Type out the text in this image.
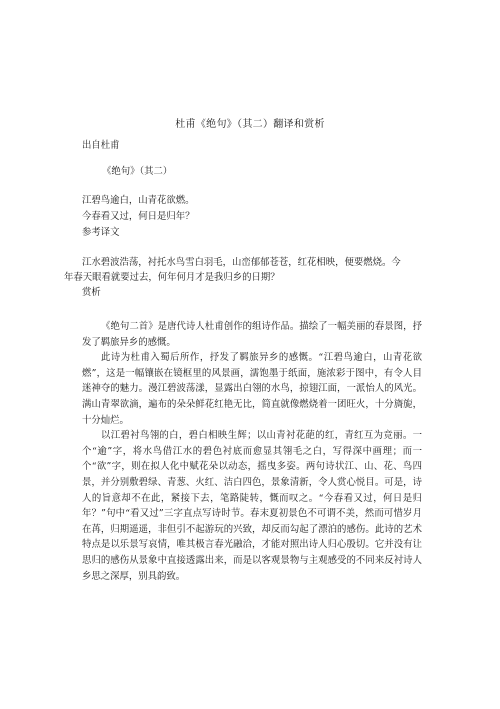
杜甫《绝句》（其二）翻译和赏析
出自杜甫
《绝句》（其二）
江碧鸟逾白，山青花欲燃。
今春看又过，何日是归年？
参考译文
江水碧波浩荡，衬托水鸟雪白羽毛，山峦郁郁苍苍，红花相映，便要燃烧。今
年春天眼看就要过去，何年何月才是我归乡的日期？
赏析

《绝句二首》是唐代诗人杜甫创作的组诗作品。描绘了一幅美丽的春景图，抒发了羁旅异乡的感慨。

此诗为杜甫入蜀后所作，抒发了羁旅异乡的感慨。“江碧鸟逾白，山青花欲燃”，这是一幅镶嵌在镜框里的风景画，濡饱墨于纸面，施浓彩于图中，有令人目迷神夺的魅力。漫江碧波荡漾，显露出白翎的水鸟，掠翅江面，一派怡人的风光。满山青翠欲滴，遍布的朵朵鲜花红艳无比，简直就像燃烧着一团旺火，十分旖旎，十分灿烂。

以江碧衬鸟翎的白，碧白相映生辉；以山青衬花葩的红，青红互为竞丽。一个“逾”字，将水鸟借江水的碧色衬底而愈显其翎毛之白，写得深中画理；而一个“欲”字，则在拟人化中赋花朵以动态，摇曳多姿。两句诗状江、山、花、鸟四景，并分别敷碧绿、青葱、火红、洁白四色，景象清新，令人赏心悦目。可是，诗人的旨意却不在此，紧接下去，笔路陡转，慨而叹之。“今春看又过，何日是归年？”句中“看又过”三字直点写诗时节。春末夏初景色不可谓不美，然而可惜岁月在苒，归期遥遥，非但引不起游玩的兴致，却反而勾起了漂泊的感伤。此诗的艺术特点是以乐景写哀情，唯其极言春光融洽，才能对照出诗人归心殷切。它并没有让思归的感伤从景象中直接透露出来，而是以客观景物与主观感受的不同来反衬诗人乡思之深厚，别具韵致。
